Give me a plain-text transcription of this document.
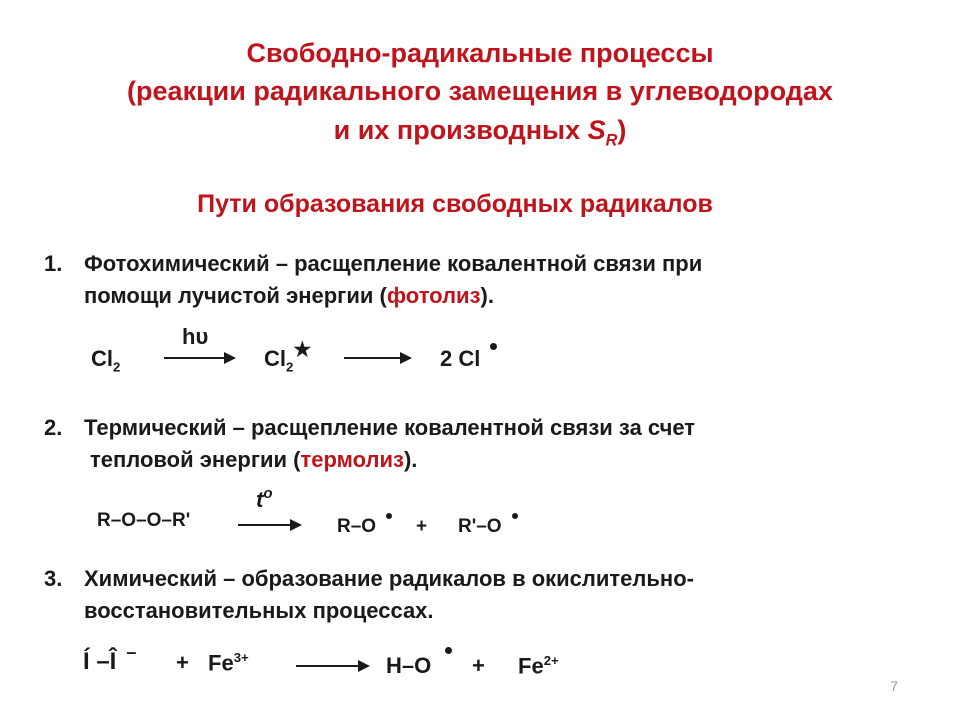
Свободно-радикальные процессы
(реакции радикального замещения в углеводородах
и их производных $S_R$)
Пути образования свободных радикалов
1. Фотохимический – расщепление ковалентной связи при
помощи лучистой энергии (фотолиз).
$Cl_2$
hυ
$Cl_2★$	2 Cl
2. Термический – расщепление ковалентной связи за счет
тепловой энергии (термолиз).
R–O–O–R'
$t^o$
R–O + R'–O
3. Химический – образование радикалов в окислительно-
восстановительных процессах.
Í –Î $^- + Fe^{3+}$	$H-O + Fe^{2+}$
7
